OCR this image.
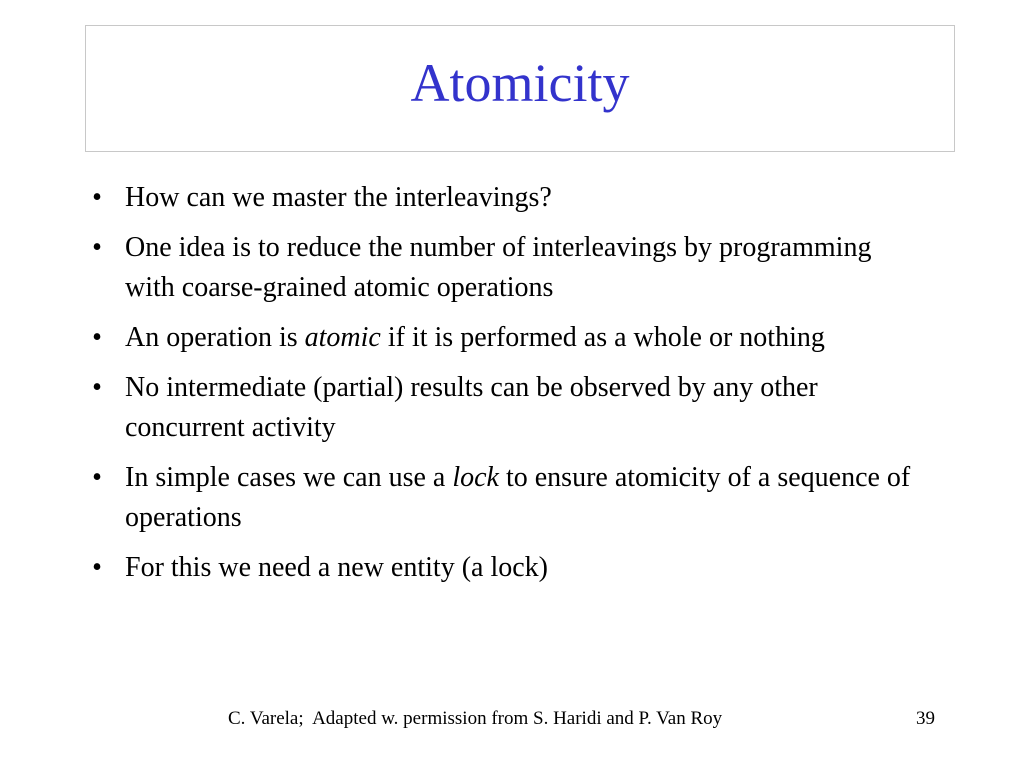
Atomicity
• How can we master the interleavings?
• One idea is to reduce the number of interleavings by programming with coarse-grained atomic operations
• An operation is atomic if it is performed as a whole or nothing
• No intermediate (partial) results can be observed by any other concurrent activity
• In simple cases we can use a lock to ensure atomicity of a sequence of operations
• For this we need a new entity (a lock)
C. Varela;  Adapted w. permission from S. Haridi and P. Van Roy	39
